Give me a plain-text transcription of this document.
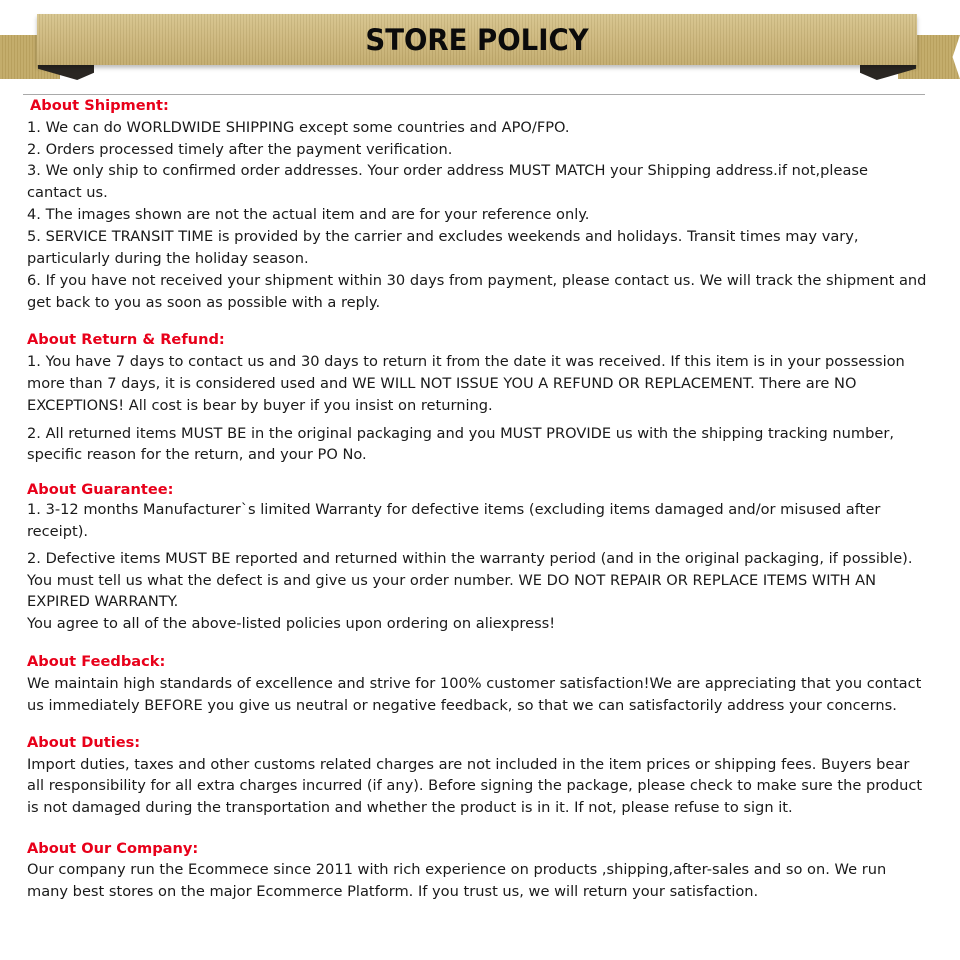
STORE POLICY
About Shipment:
1. We can do WORLDWIDE SHIPPING except some countries and APO/FPO.
2. Orders processed timely after the payment verification.
3. We only ship to confirmed order addresses. Your order address MUST MATCH your Shipping address.if not,please cantact us.
4. The images shown are not the actual item and are for your reference only.
5. SERVICE TRANSIT TIME is provided by the carrier and excludes weekends and holidays. Transit times may vary, particularly during the holiday season.
6. If you have not received your shipment within 30 days from payment, please contact us. We will track the shipment and get back to you as soon as possible with a reply.
About Return & Refund:
1. You have 7 days to contact us and 30 days to return it from the date it was received. If this item is in your possession more than 7 days, it is considered used and WE WILL NOT ISSUE YOU A REFUND OR REPLACEMENT. There are NO EXCEPTIONS! All cost is bear by buyer if you insist on returning.
2. All returned items MUST BE in the original packaging and you MUST PROVIDE us with the shipping tracking number, specific reason for the return, and your PO No.
About Guarantee:
1. 3-12 months Manufacturer`s limited Warranty for defective items (excluding items damaged and/or misused after receipt).
2. Defective items MUST BE reported and returned within the warranty period (and in the original packaging, if possible). You must tell us what the defect is and give us your order number. WE DO NOT REPAIR OR REPLACE ITEMS WITH AN EXPIRED WARRANTY.
You agree to all of the above-listed policies upon ordering on aliexpress!
About Feedback:
We maintain high standards of excellence and strive for 100% customer satisfaction!We are appreciating that you contact us immediately BEFORE you give us neutral or negative feedback, so that we can satisfactorily address your concerns.
About Duties:
Import duties, taxes and other customs related charges are not included in the item prices or shipping fees. Buyers bear all responsibility for all extra charges incurred (if any). Before signing the package, please check to make sure the product is not damaged during the transportation and whether the product is in it. If not, please refuse to sign it.
About Our Company:
Our company run the Ecommece since 2011 with rich experience on products ,shipping,after-sales and so on. We run many best stores on the major Ecommerce Platform. If you trust us, we will return your satisfaction.
